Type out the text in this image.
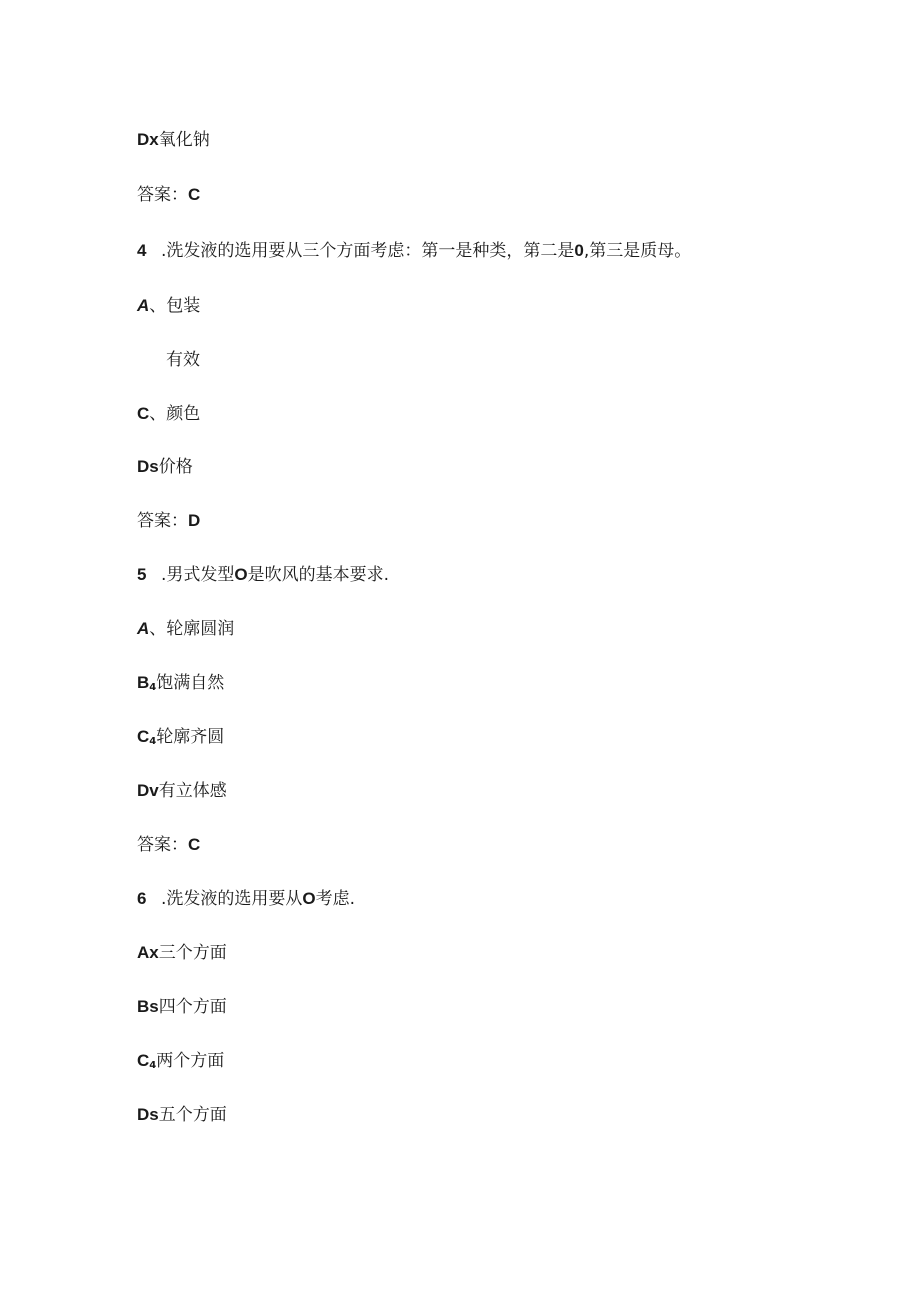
Dx氧化钠
答案：C
4 .洗发液的选用要从三个方面考虑：第一是种类，第二是0,第三是质母。
A、包装
有效
C、颜色
Ds价格
答案：D
5 .男式发型O是吹风的基本要求.
A、轮廓圆润
$B_4$饱满自然
$C_4$轮廓齐圆
Dv有立体感
答案：C
6 .洗发液的选用要从O考虑.
Ax三个方面
Bs四个方面
$C_4$两个方面
Ds五个方面
